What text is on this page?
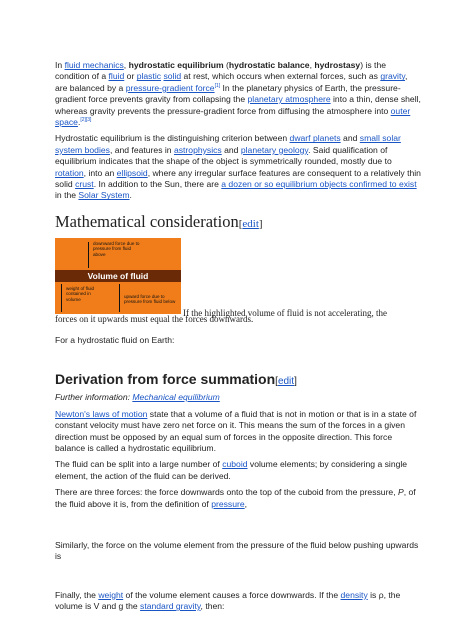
In fluid mechanics, hydrostatic equilibrium (hydrostatic balance, hydrostasy) is the condition of a fluid or plastic solid at rest, which occurs when external forces, such as gravity, are balanced by a pressure-gradient force[1] In the planetary physics of Earth, the pressure-gradient force prevents gravity from collapsing the planetary atmosphere into a thin, dense shell, whereas gravity prevents the pressure-gradient force from diffusing the atmosphere into outer space.[2][3]

Hydrostatic equilibrium is the distinguishing criterion between dwarf planets and small solar system bodies, and features in astrophysics and planetary geology. Said qualification of equilibrium indicates that the shape of the object is symmetrically rounded, mostly due to rotation, into an ellipsoid, where any irregular surface features are consequent to a relatively thin solid crust. In addition to the Sun, there are a dozen or so equilibrium objects confirmed to exist in the Solar System.

Mathematical consideration[edit]
downward force due to pressure from fluid above
Volume of fluid
weight of fluid contained in volume
upward force due to pressure from fluid below
If the highlighted volume of fluid is not accelerating, the

forces on it upwards must equal the forces downwards.

For a hydrostatic fluid on Earth:

Derivation from force summation[edit]

Further information: Mechanical equilibrium

Newton's laws of motion state that a volume of a fluid that is not in motion or that is in a state of constant velocity must have zero net force on it. This means the sum of the forces in a given direction must be opposed by an equal sum of forces in the opposite direction. This force balance is called a hydrostatic equilibrium.

The fluid can be split into a large number of cuboid volume elements; by considering a single element, the action of the fluid can be derived.

There are three forces: the force downwards onto the top of the cuboid from the pressure, P, of the fluid above it is, from the definition of pressure,

Similarly, the force on the volume element from the pressure of the fluid below pushing upwards is

Finally, the weight of the volume element causes a force downwards. If the density is ρ, the volume is V and g the standard gravity, then:
